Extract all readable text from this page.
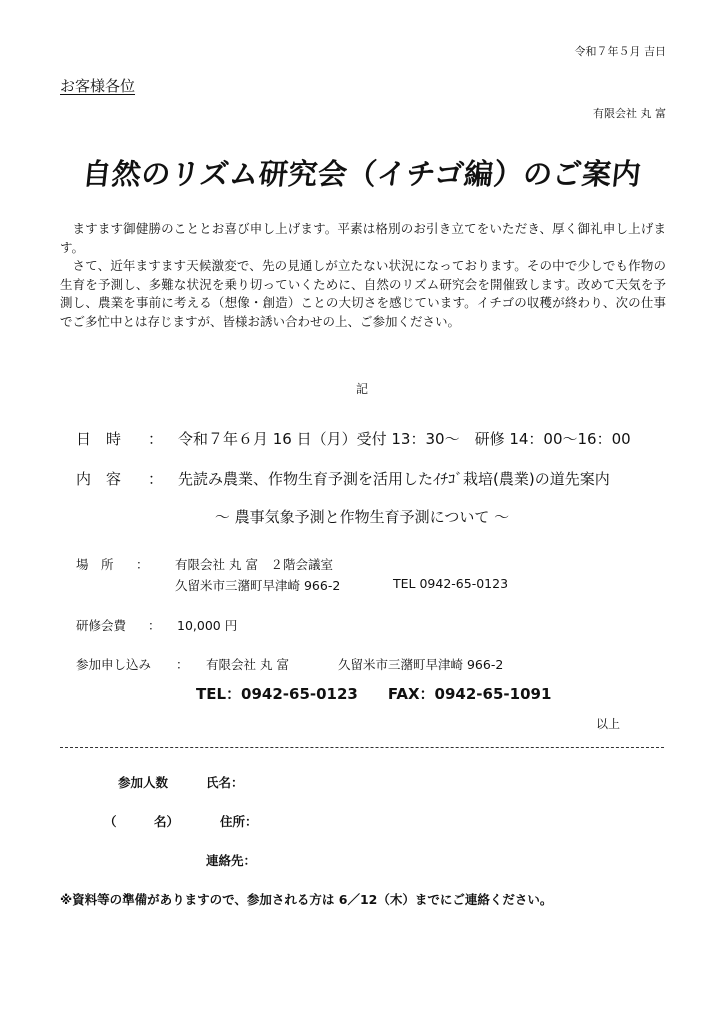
令和７年５月 吉日
お客様各位
有限会社 丸 富
自然のリズム研究会（イチゴ編）のご案内

ますます御健勝のこととお喜び申し上げます。平素は格別のお引き立てをいただき、厚く御礼申し上げます。

さて、近年ますます天候激変で、先の見通しが立たない状況になっております。その中で少しでも作物の生育を予測し、多難な状況を乗り切っていくために、自然のリズム研究会を開催致します。改めて天気を予測し、農業を事前に考える（想像・創造）ことの大切さを感じています。イチゴの収穫が終わり、次の仕事でご多忙中とは存じますが、皆様お誘い合わせの上、ご参加ください。

記
日　時 ： 令和７年６月 16 日（月）受付 13：30～　研修 14：00～16：00
内　容 ： 先読み農業、作物生育予測を活用したｲﾁｺﾞ栽培(農業)の道先案内
～ 農事気象予測と作物生育予測について ～
場　所 ： 有限会社 丸 富　２階会議室
久留米市三潴町早津崎 966-2	TEL 0942-65-0123
研修会費 ： 10,000 円
参加申し込み ： 有限会社 丸 富	久留米市三潴町早津崎 966-2
TEL：0942-65-0123　　FAX：0942-65-1091
以上
参加人数	氏名：
（　　　名）	住所：
連絡先：
※資料等の準備がありますので、参加される方は 6／12（木）までにご連絡ください。
